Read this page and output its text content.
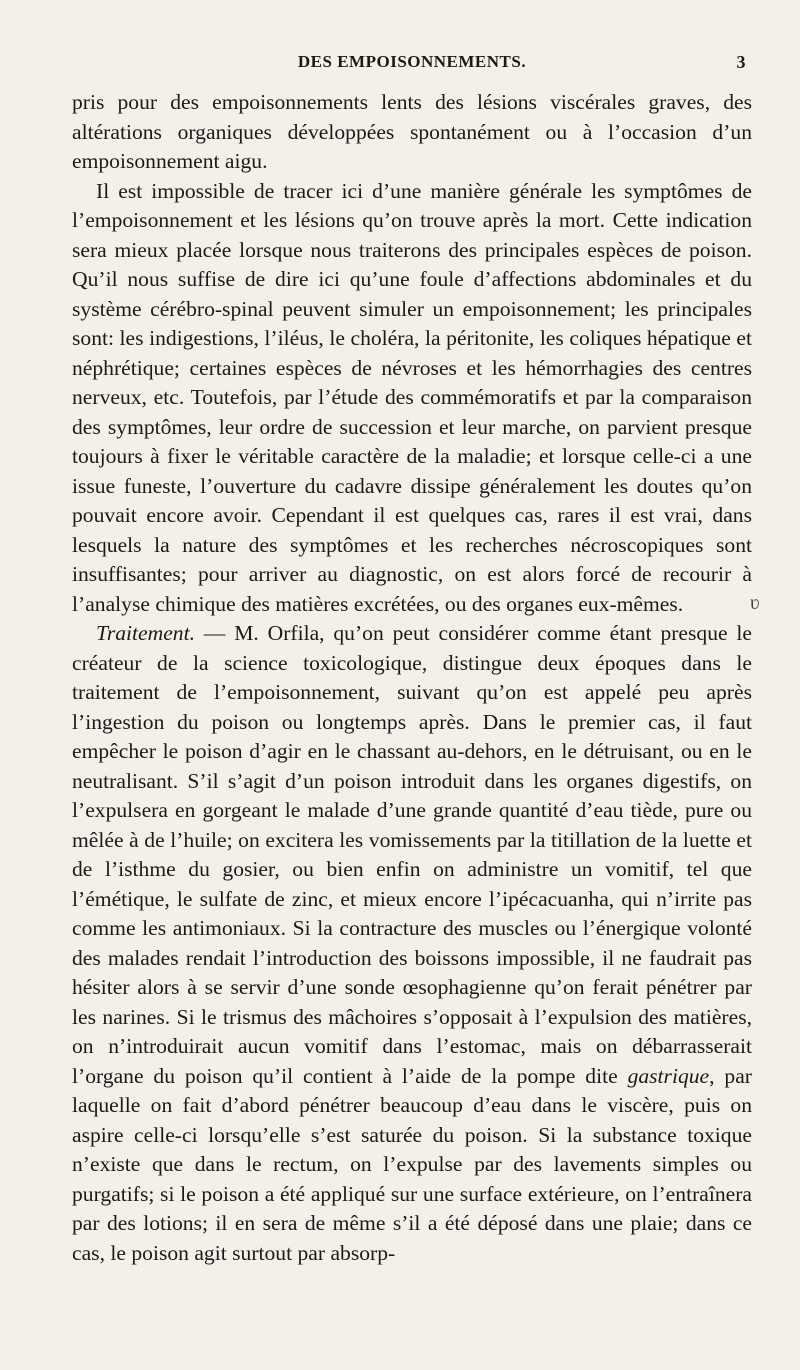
DES EMPOISONNEMENTS.	3

pris pour des empoisonnements lents des lésions viscérales graves, des altérations organiques développées spontanément ou à l’occasion d’un empoisonnement aigu.

Il est impossible de tracer ici d’une manière générale les symptômes de l’empoisonnement et les lésions qu’on trouve après la mort. Cette indication sera mieux placée lorsque nous traiterons des principales espèces de poison. Qu’il nous suffise de dire ici qu’une foule d’affections abdominales et du système cérébro-spinal peuvent simuler un empoisonnement; les principales sont: les indigestions, l’iléus, le choléra, la péritonite, les coliques hépatique et néphrétique; certaines espèces de névroses et les hémorrhagies des centres nerveux, etc. Toutefois, par l’étude des commémoratifs et par la comparaison des symptômes, leur ordre de succession et leur marche, on parvient presque toujours à fixer le véritable caractère de la maladie; et lorsque celle-ci a une issue funeste, l’ouverture du cadavre dissipe généralement les doutes qu’on pouvait encore avoir. Cependant il est quelques cas, rares il est vrai, dans lesquels la nature des symptômes et les recherches nécroscopiques sont insuffisantes; pour arriver au diagnostic, on est alors forcé de recourir à l’analyse chimique des matières excrétées, ou des organes eux-mêmes.

Traitement. — M. Orfila, qu’on peut considérer comme étant presque le créateur de la science toxicologique, distingue deux époques dans le traitement de l’empoisonnement, suivant qu’on est appelé peu après l’ingestion du poison ou longtemps après. Dans le premier cas, il faut empêcher le poison d’agir en le chassant au-dehors, en le détruisant, ou en le neutralisant. S’il s’agit d’un poison introduit dans les organes digestifs, on l’expulsera en gorgeant le malade d’une grande quantité d’eau tiède, pure ou mêlée à de l’huile; on excitera les vomissements par la titillation de la luette et de l’isthme du gosier, ou bien enfin on administre un vomitif, tel que l’émétique, le sulfate de zinc, et mieux encore l’ipécacuanha, qui n’irrite pas comme les antimoniaux. Si la contracture des muscles ou l’énergique volonté des malades rendait l’introduction des boissons impossible, il ne faudrait pas hésiter alors à se servir d’une sonde œsophagienne qu’on ferait pénétrer par les narines. Si le trismus des mâchoires s’opposait à l’expulsion des matières, on n’introduirait aucun vomitif dans l’estomac, mais on débarrasserait l’organe du poison qu’il contient à l’aide de la pompe dite gastrique, par laquelle on fait d’abord pénétrer beaucoup d’eau dans le viscère, puis on aspire celle-ci lorsqu’elle s’est saturée du poison. Si la substance toxique n’existe que dans le rectum, on l’expulse par des lavements simples ou purgatifs; si le poison a été appliqué sur une surface extérieure, on l’entraînera par des lotions; il en sera de même s’il a été déposé dans une plaie; dans ce cas, le poison agit surtout par absorp-

ʋ
